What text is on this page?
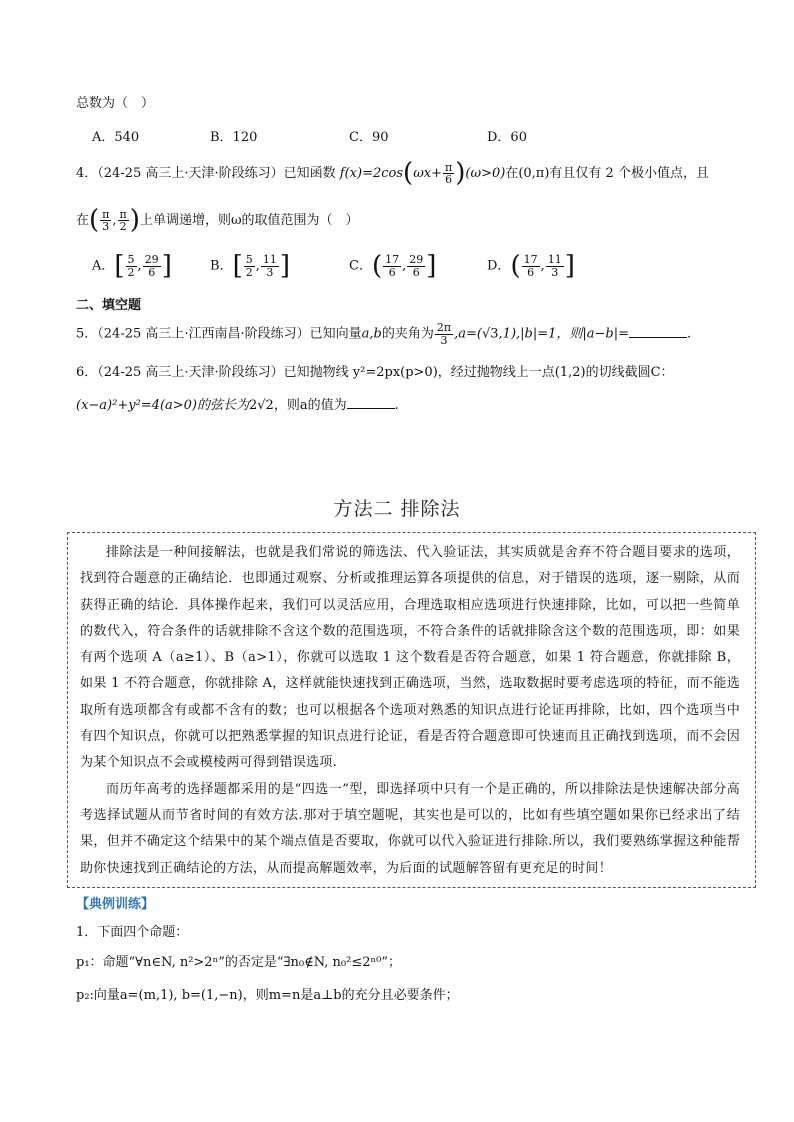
总数为（　）
A．540	B．120	C．90	D．60
4．（24-25 高三上·天津·阶段练习）已知函数 $f(x)=2\cos(\omega x+ \frac{\pi}{6} )(\omega>0)$在(0,π)有且仅有 2 个极小值点，且
在( $\frac{\pi}{3}$ , $\frac{\pi}{2}$ )上单调递增，则ω的取值范围为（　）
A．[ $\frac{5}{2}$ , $\frac{29}{6}$ ]	B．[ $\frac{5}{2}$ , $\frac{11}{3}$ ]	C．( $\frac{17}{6}$ , $\frac{29}{6}$ ]	D．( $\frac{17}{6}$ , $\frac{11}{3}$ ]
二、填空题
5．（24-25 高三上·江西南昌·阶段练习）已知向量a,b的夹角为 $\frac{2\pi}{3} ,a=(√3,1),|b|=1$，则|a−b|=	.
6．（24-25 高三上·天津·阶段练习）已知抛物线 y²=2px(p>0)，经过抛物线上一点(1,2)的切线截圆C：
(x−a)²+y²=4(a>0)的弦长为2√2，则a的值为	.
方法二 排除法

排除法是一种间接解法，也就是我们常说的筛选法、代入验证法，其实质就是舍弃不符合题目要求的选项，找到符合题意的正确结论．也即通过观察、分析或推理运算各项提供的信息，对于错误的选项，逐一剔除，从而获得正确的结论．具体操作起来，我们可以灵活应用，合理选取相应选项进行快速排除，比如，可以把一些简单的数代入，符合条件的话就排除不含这个数的范围选项，不符合条件的话就排除含这个数的范围选项，即：如果有两个选项 A（a≥1）、B（a>1），你就可以选取 1 这个数看是否符合题意，如果 1 符合题意，你就排除 B，如果 1 不符合题意，你就排除 A，这样就能快速找到正确选项，当然，选取数据时要考虑选项的特征，而不能选取所有选项都含有或都不含有的数；也可以根据各个选项对熟悉的知识点进行论证再排除，比如，四个选项当中有四个知识点，你就可以把熟悉掌握的知识点进行论证，看是否符合题意即可快速而且正确找到选项，而不会因为某个知识点不会或模棱两可得到错误选项.

而历年高考的选择题都采用的是“四选一”型，即选择项中只有一个是正确的，所以排除法是快速解决部分高考选择试题从而节省时间的有效方法.那对于填空题呢，其实也是可以的，比如有些填空题如果你已经求出了结果，但并不确定这个结果中的某个端点值是否要取，你就可以代入验证进行排除.所以，我们要熟练掌握这种能帮助你快速找到正确结论的方法，从而提高解题效率，为后面的试题解答留有更充足的时间！

【典例训练】
1．下面四个命题：
p₁：命题“∀n∈N, n²>2ⁿ”的否定是“∃n₀∉N, n₀²≤2ⁿ⁰”；
p₂:向量a=(m,1), b=(1,−n)，则m=n是a⊥b的充分且必要条件；
